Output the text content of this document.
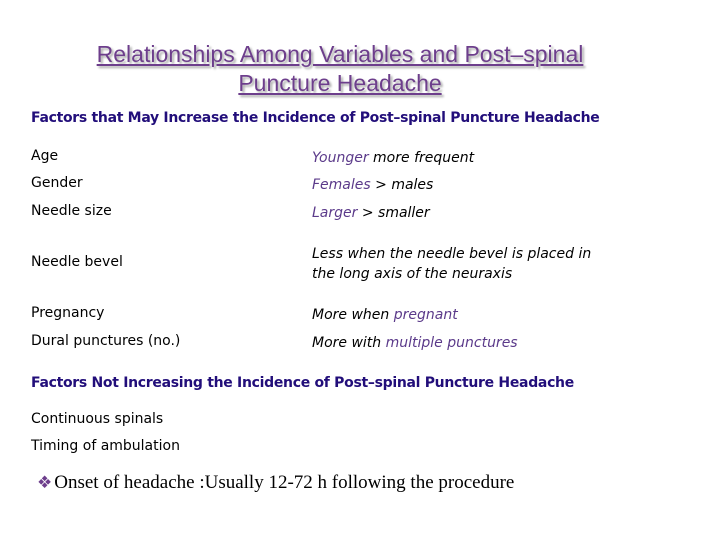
Relationships Among Variables and Post–spinal
Puncture Headache
Factors that May Increase the Incidence of Post–spinal Puncture Headache
Age	Younger more frequent
Gender	Females > males
Needle size	Larger > smaller
Needle bevel	Less when the needle bevel is placed in
the long axis of the neuraxis
Pregnancy	More when pregnant
Dural punctures (no.)	More with multiple punctures
Factors Not Increasing the Incidence of Post–spinal Puncture Headache
Continuous spinals
Timing of ambulation
❖ Onset of headache :Usually 12-72 h following the procedure
